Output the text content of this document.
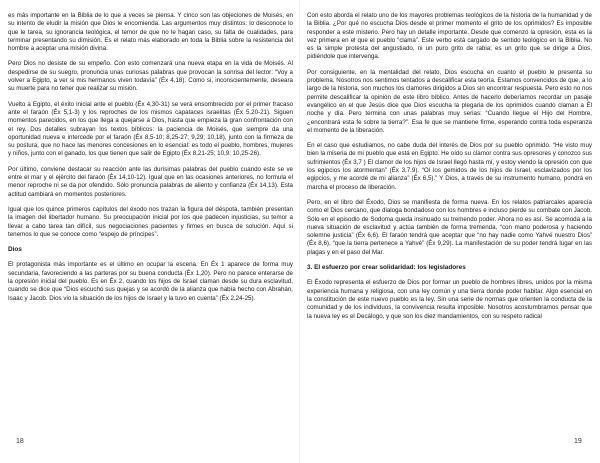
es más importante en la Biblia de lo que a veces se piensa. Y cinco son las objeciones de Moisés, en su intento de eludir la misión que Dios le encomienda. Las argumentos muy distintos: lo desconoce lo que le tarea, su ignorancia teológica, el temor de que no le hagan caso, su falta de cualidades, para terminar presentando su dimisión. Es el relato más elaborado en toda la Biblia sobre la resistencia del hombre a aceptar una misión divina.

Pero Dios no desiste de su empeño. Con esto comenzará una nueva etapa en la vida de Moisés. Al despedirse de su suegro, pronuncia unas curiosas palabras que provocan la sonrisa del lector: “Voy a volver a Egipto, a ver si mis hermanos viven todavía” (Éx 4,18). Como si, inconscientemente, deseara su muerte para no tener que realizar su misión.

Vuelto a Egipto, el éxito inicial ante el pueblo (Éx 4,30-31) se verá ensombrecido por el primer fracaso ante el faraón (Éx 5,1-3) y los reproches de los mismos capataces israelitas (Éx 5,20-21). Siguen momentos parecidos, en los que llega a quejarse a Dios, hasta que empieza la gran confrontación con el rey. Dos detalles subrayan los textos bíblicos: la paciencia de Moisés, que siempre da una oportunidad nueva e intercede por el faraón (Éx 8,5-10; 8,25-27; 9,29; 10,18), junto con la firmeza de su postura, que no hace las menores concesiones en lo esencial: es todo el pueblo, hombres, mujeres y niños, junto con el ganado, los que tienen que salir de Egipto (Éx 8,21-25; 10,9; 10,25-26).

Por último, conviene destacar su reacción ante las durísimas palabras del pueblo cuando este se ve entre el mar y el ejército del faraón (Éx 14,10-12). Igual que en las ocasiones anteriores, no formula el menor reproche ni se da por ofendido. Sólo pronuncia palabras de aliento y confianza (Éx 14,13). Esta actitud cambiará en momentos posteriores.

Igual que los quince primeros capítulos del éxodo nos trazan la figura del déspota, también presentan la imagen del libertador humano. Su preocupación inicial por los que padecen injusticias, su temor a llevar a cabo tarea tan difícil, sus negociaciones pacientes y firmes en busca de solución. Aquí si tenemos lo que se conoce como “espejo de príncipes”.

Dios

El protagonista más importante es el último en ocupar la escena. En Éx 1 aparece de forma muy secundaria, favoreciendo a las parteras por su buena conducta (Éx 1,20). Pero no parece enterarse de la opresión inicial del pueblo. Es en Éx 2, cuando los hijos de Israel claman desde su dura esclavitud, cuando se dice que “Dios escuchó sus quejas y se acordó de la alianza que había hecho con Abrahán, Isaac y Jacob. Dios vio la situación de los hijos de Israel y la tuvo en cuenta” (Éx 2,24-25).

18

Con esto aborda el relato uno de los mayores problemas teológicos de la historia de la humanidad y de la Biblia. ¿Por qué no escucha Dios desde el primer momento el grito de los oprimidos? Es imposible responder a este misterio. Pero hay un detalle importante. Desde que comenzó la opresión, esta es la vez primera en el que el pueblo “clama”. Este verbo está cargado de sentido teológico en la Biblia. No es la simple protesta del angustiado, ni un puro grito de rabia; es un grito que se dirige a Dios, pidiéndole que intervenga.

Por consiguiente, en la mentalidad del relato, Dios escucha en cuanto el pueblo le presenta su problema. Nosotros nos sentimos tentados a descalificar esta teoría. Estamos convencidos de que, a lo largo de la historia, son muchos los clamores dirigidos a Dios sin encontrar respuesta. Pero esto no nos permite descalificar la opinión de este libro bíblico. Antes de hacerlo deberíamos recordar un pasaje evangélico en el que Jesús dice que Dios escucha la plegaria de los oprimidos cuando claman a Él noche y día. Pero termina con unas palabras muy serias: “Cuando llegue el Hijo del Hombre, ¿encontrará esta fe sobre la tierra?”. Esa fe que se mantiene firme, esperando contra toda esperanza el momento de la liberación.

En el caso que estudiamos, no cabe duda del interés de Dios por su pueblo oprimido. “He visto muy bien la miseria de mi pueblo que está en Egipto. He oído su clamor contra sus opresores y conozco sus sufrimientos (Éx 3,7 ) El clamor de los hijos de Israel llegó hasta mí, y estoy viendo la opresión con que los egipcios los atormentan” (Éx 3,7.9). “Oí los gemidos de los hijos de Israel, esclavizados por los egipcios, y me acordé de mi alianza” (Éx 6,5).” Y Dios, a través de su instrumento humano, pondrá en marcha el proceso de liberación.

Pero, en el libro del Éxodo, Dios se manifiesta de forma nueva. En los relatos patriarcales aparecía como el Dios cercano, que dialoga bondadoso con los hombres e incluso pierde su combate con Jacob. Sólo en el episodio de Sodoma queda insinuado su tremendo poder. Ahora no es así. Se acomoda a la nueva situación de esclavitud y actúa también de forma tremenda, “con mano poderosa y haciendo solemne justicia” (Éx 6,6). El faraón tendrá que aceptar que “no hay nadie como Yahvé nuestro Dios” (Éx 8,6), “que la tierra pertenece a Yahvé” (Éx 9,29). La manifestación de su poder tendrá lugar en las plagas y en el paso del Mar.

3. El esfuerzo por crear solidaridad: los legisladores

El Éxodo representa el esfuerzo de Dios por formar un pueblo de hombres libres, unidos por la misma experiencia humana y religiosa, con una ley común y una tierra donde poder habitar. Algo esencial en la constitución de este nuevo pueblo es la ley. Sin una serie de normas que orienten la conducta de la comunidad y de los individuos, la convivencia resulta imposible. Nosotros acostumbramos pensar que la nueva ley es el Decálogo, y que son los diez mandamientos, con su respeto radical

19
